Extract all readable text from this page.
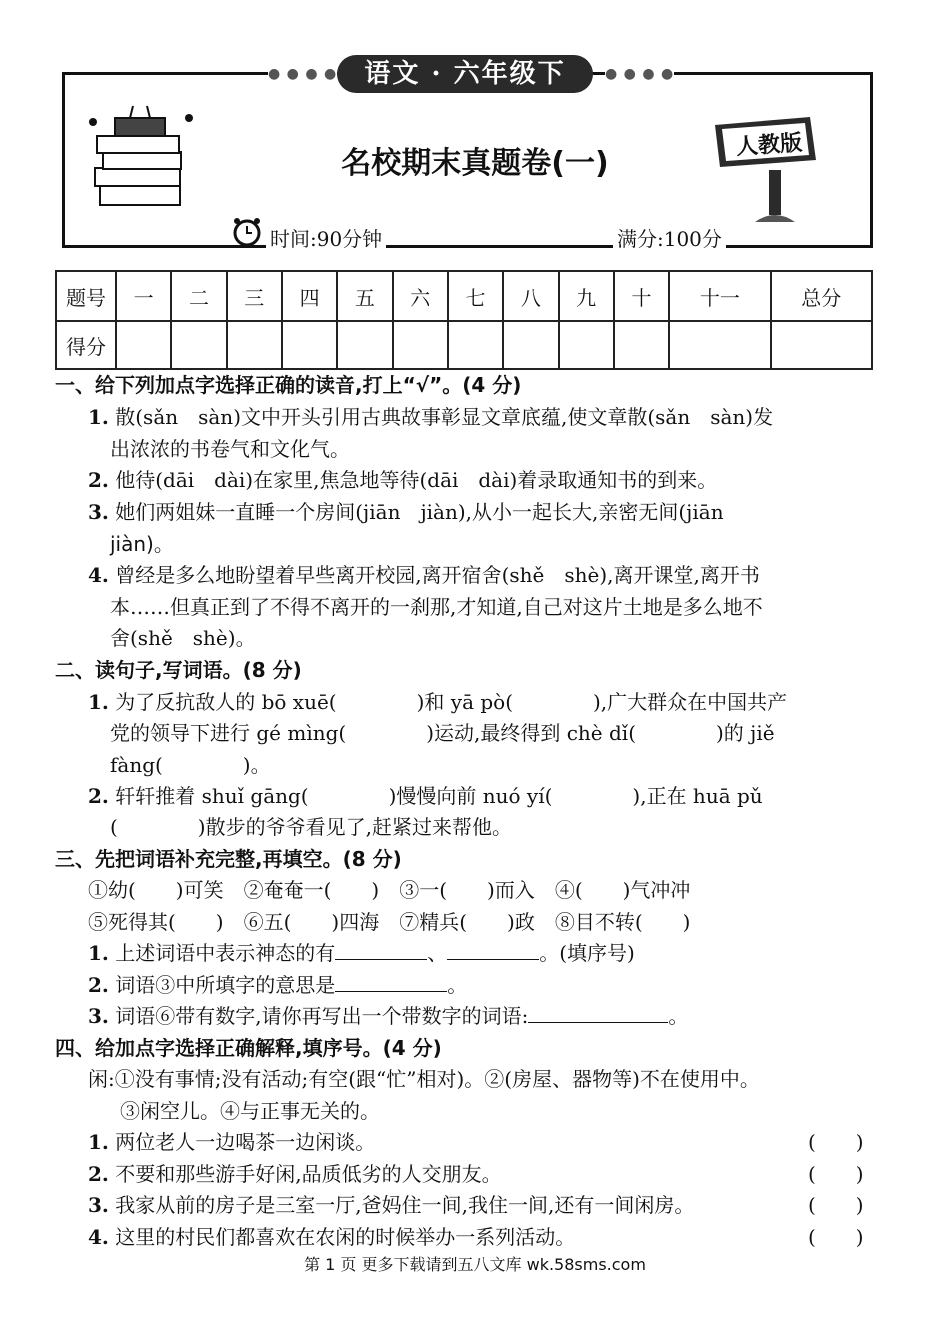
● ● ● ●	● ● ● ●
语文 · 六年级下
名校期末真题卷(一)
人教版
时间:90分钟	满分:100分
题号	一	二	三	四	五	六	七	八	九	十	十一	总分
得分												
一、给下列加点字选择正确的读音,打上“√”。(4 分)
1. 散(sǎn　sàn)文中开头引用古典故事彰显文章底蕴,使文章散(sǎn　sàn)发
出浓浓的书卷气和文化气。
2. 他待(dāi　dài)在家里,焦急地等待(dāi　dài)着录取通知书的到来。
3. 她们两姐妹一直睡一个房间(jiān　jiàn),从小一起长大,亲密无间(jiān
jiàn)。
4. 曾经是多么地盼望着早些离开校园,离开宿舍(shě　shè),离开课堂,离开书
本……但真正到了不得不离开的一刹那,才知道,自己对这片土地是多么地不
舍(shě　shè)。
二、读句子,写词语。(8 分)
1. 为了反抗敌人的 bō xuē(　　　　)和 yā pò(　　　　),广大群众在中国共产
党的领导下进行 gé mìng(　　　　)运动,最终得到 chè dǐ(　　　　)的 jiě
fàng(　　　　)。
2. 轩轩推着 shuǐ gāng(　　　　)慢慢向前 nuó yí(　　　　),正在 huā pǔ
(　　　　)散步的爷爷看见了,赶紧过来帮他。
三、先把词语补充完整,再填空。(8 分)
①幼(　　)可笑　②奄奄一(　　)　③一(　　)而入　④(　　)气冲冲
⑤死得其(　　)　⑥五(　　)四海　⑦精兵(　　)政　⑧目不转(　　)
1. 上述词语中表示神态的有	、	。(填序号)
2. 词语③中所填字的意思是	。
3. 词语⑥带有数字,请你再写出一个带数字的词语:	。
四、给加点字选择正确解释,填序号。(4 分)
闲:①没有事情;没有活动;有空(跟“忙”相对)。②(房屋、器物等)不在使用中。
③闲空儿。④与正事无关的。
1. 两位老人一边喝茶一边闲谈。
2. 不要和那些游手好闲,品质低劣的人交朋友。
3. 我家从前的房子是三室一厅,爸妈住一间,我住一间,还有一间闲房。
4. 这里的村民们都喜欢在农闲的时候举办一系列活动。
(　　)
(　　)
(　　)
(　　)
第 1 页 更多下载请到五八文库 wk.58sms.com
